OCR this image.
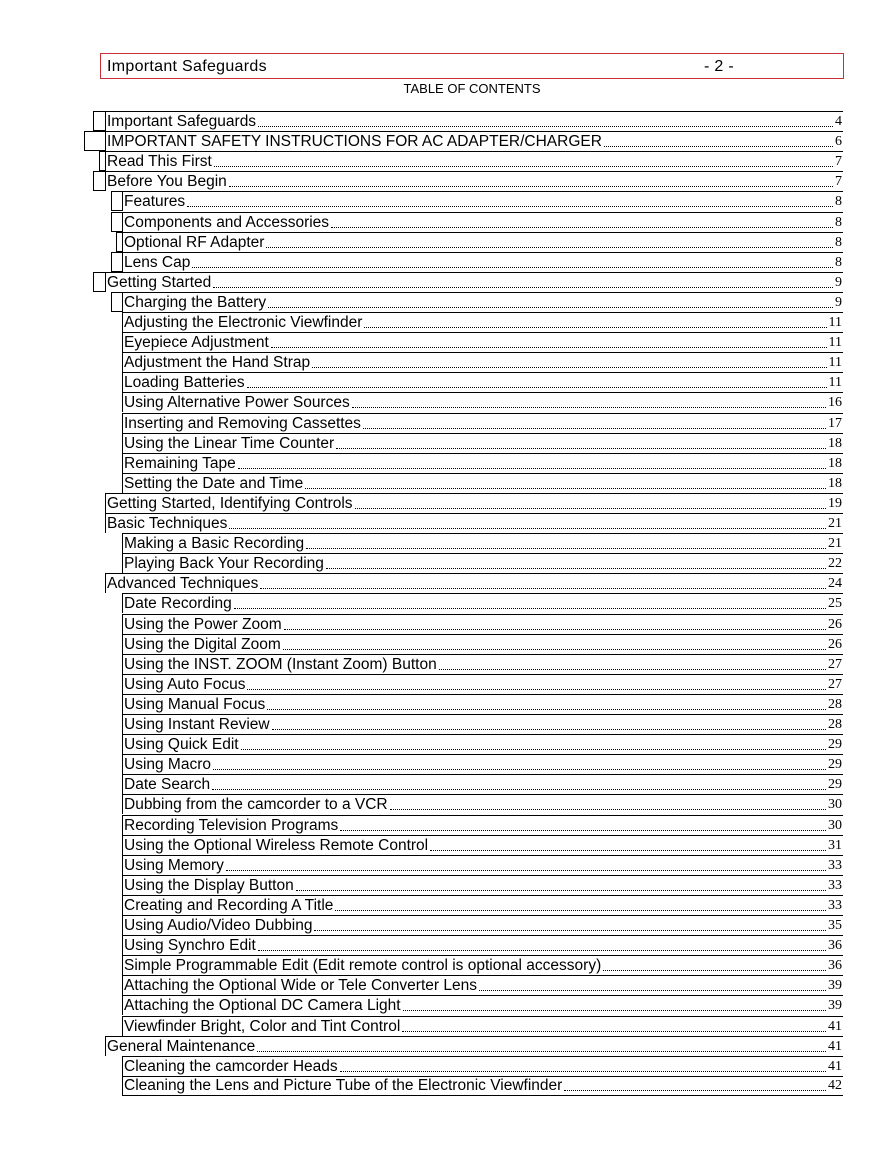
Important Safeguards	- 2 -
TABLE OF CONTENTS
Important Safeguards	4
IMPORTANT SAFETY INSTRUCTIONS FOR AC ADAPTER/CHARGER	6
Read This First	7
Before You Begin	7
Features	8
Components and Accessories	8
Optional RF Adapter	8
Lens Cap	8
Getting Started	9
Charging the Battery	9
Adjusting the Electronic Viewfinder	11
Eyepiece Adjustment	11
Adjustment the Hand Strap	11
Loading Batteries	11
Using Alternative Power Sources	16
Inserting and Removing Cassettes	17
Using the Linear Time Counter	18
Remaining Tape	18
Setting the Date and Time	18
Getting Started, Identifying Controls	19
Basic Techniques	21
Making a Basic Recording	21
Playing Back Your Recording	22
Advanced Techniques	24
Date Recording	25
Using the Power Zoom	26
Using the Digital Zoom	26
Using the INST. ZOOM (Instant Zoom) Button	27
Using Auto Focus	27
Using Manual Focus	28
Using Instant Review	28
Using Quick Edit	29
Using Macro	29
Date Search	29
Dubbing from the camcorder to a VCR	30
Recording Television Programs	30
Using the Optional Wireless Remote Control	31
Using Memory	33
Using the Display Button	33
Creating and Recording A Title	33
Using Audio/Video Dubbing	35
Using Synchro Edit	36
Simple Programmable Edit (Edit remote control is optional accessory)	36
Attaching the Optional Wide or Tele Converter Lens	39
Attaching the Optional DC Camera Light	39
Viewfinder Bright, Color and Tint Control	41
General Maintenance	41
Cleaning the camcorder Heads	41
Cleaning the Lens and Picture Tube of the Electronic Viewfinder	42
